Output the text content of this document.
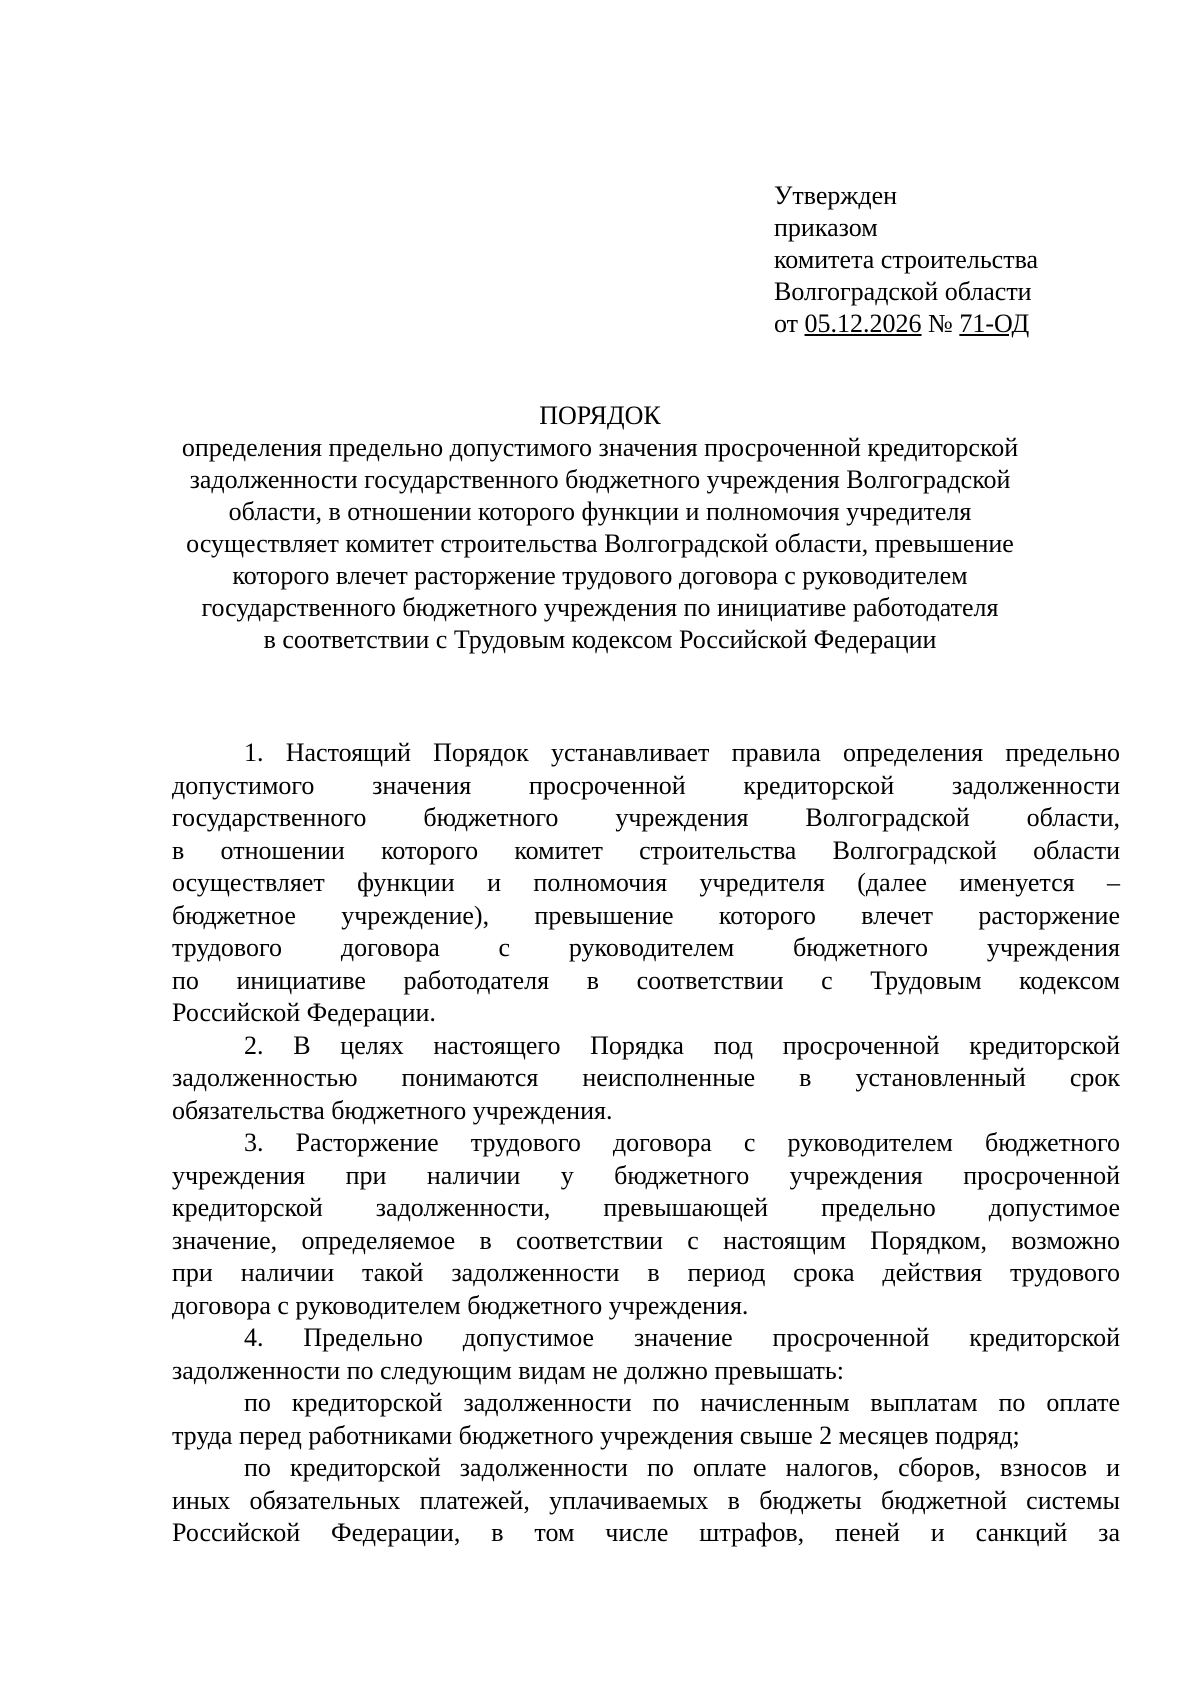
Утвержден
приказом
комитета строительства
Волгоградской области
от 05.12.2026 № 71-ОД
ПОРЯДОК
определения предельно допустимого значения просроченной кредиторской
задолженности государственного бюджетного учреждения Волгоградской
области, в отношении которого функции и полномочия учредителя
осуществляет комитет строительства Волгоградской области, превышение
которого влечет расторжение трудового договора с руководителем
государственного бюджетного учреждения по инициативе работодателя
в соответствии с Трудовым кодексом Российской Федерации

1. Настоящий Порядок устанавливает правила определения предельно
допустимого значения просроченной кредиторской задолженности
государственного бюджетного учреждения Волгоградской области,
в отношении которого комитет строительства Волгоградской области
осуществляет функции и полномочия учредителя (далее именуется –
бюджетное учреждение), превышение которого влечет расторжение
трудового договора с руководителем бюджетного учреждения
по инициативе работодателя в соответствии с Трудовым кодексом
Российской Федерации.

2. В целях настоящего Порядка под просроченной кредиторской
задолженностью понимаются неисполненные в установленный срок
обязательства бюджетного учреждения.

3. Расторжение трудового договора с руководителем бюджетного
учреждения при наличии у бюджетного учреждения просроченной
кредиторской задолженности, превышающей предельно допустимое
значение, определяемое в соответствии с настоящим Порядком, возможно
при наличии такой задолженности в период срока действия трудового
договора с руководителем бюджетного учреждения.

4. Предельно допустимое значение просроченной кредиторской
задолженности по следующим видам не должно превышать:

по кредиторской задолженности по начисленным выплатам по оплате
труда перед работниками бюджетного учреждения свыше 2 месяцев подряд;

по кредиторской задолженности по оплате налогов, сборов, взносов и
иных обязательных платежей, уплачиваемых в бюджеты бюджетной системы
Российской Федерации, в том числе штрафов, пеней и санкций за
